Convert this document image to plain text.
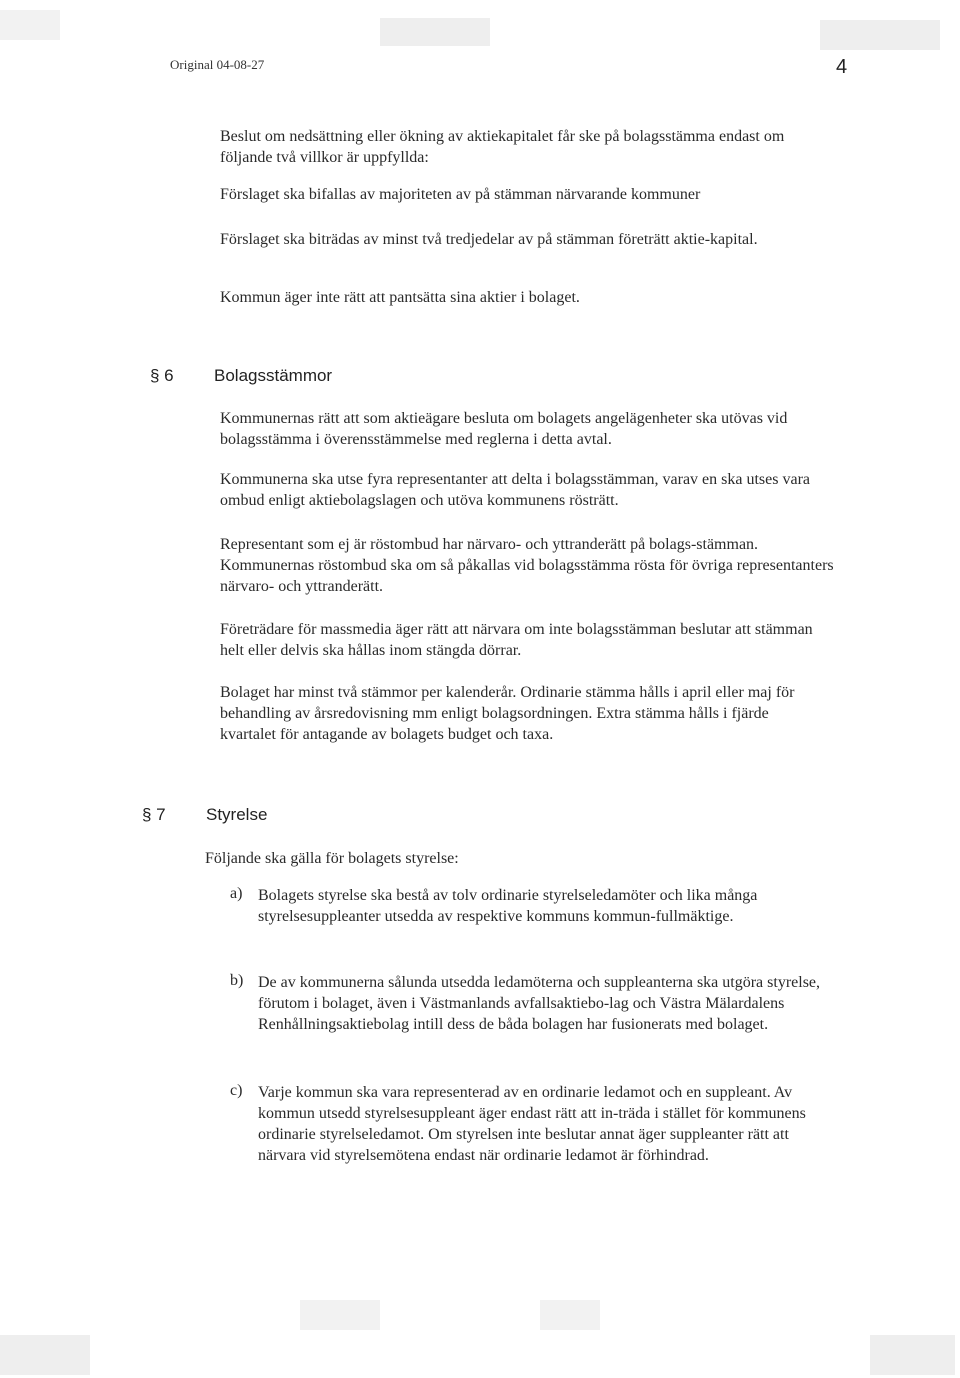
Original 04-08-27	4

Beslut om nedsättning eller ökning av aktiekapitalet får ske på bolagsstämma endast om följande två villkor är uppfyllda:

Förslaget ska bifallas av majoriteten av på stämman närvarande kommuner

Förslaget ska biträdas av minst två tredjedelar av på stämman företrätt aktie-kapital.

Kommun äger inte rätt att pantsätta sina aktier i bolaget.

§ 6	Bolagsstämmor

Kommunernas rätt att som aktieägare besluta om bolagets angelägenheter ska utövas vid bolagsstämma i överensstämmelse med reglerna i detta avtal.

Kommunerna ska utse fyra representanter att delta i bolagsstämman, varav en ska utses vara ombud enligt aktiebolagslagen och utöva kommunens rösträtt.

Representant som ej är röstombud har närvaro- och yttranderätt på bolags-stämman. Kommunernas röstombud ska om så påkallas vid bolagsstämma rösta för övriga representanters närvaro- och yttranderätt.

Företrädare för massmedia äger rätt att närvara om inte bolagsstämman beslutar att stämman helt eller delvis ska hållas inom stängda dörrar.

Bolaget har minst två stämmor per kalenderår. Ordinarie stämma hålls i april eller maj för behandling av årsredovisning mm enligt bolagsordningen. Extra stämma hålls i fjärde kvartalet för antagande av bolagets budget och taxa.

§ 7	Styrelse

Följande ska gälla för bolagets styrelse:

a) Bolagets styrelse ska bestå av tolv ordinarie styrelseledamöter och lika många styrelsesuppleanter utsedda av respektive kommuns kommun-fullmäktige.

b) De av kommunerna sålunda utsedda ledamöterna och suppleanterna ska utgöra styrelse, förutom i bolaget, även i Västmanlands avfallsaktiebo-lag och Västra Mälardalens Renhållningsaktiebolag intill dess de båda bolagen har fusionerats med bolaget.

c) Varje kommun ska vara representerad av en ordinarie ledamot och en suppleant. Av kommun utsedd styrelsesuppleant äger endast rätt att in-träda i stället för kommunens ordinarie styrelseledamot. Om styrelsen inte beslutar annat äger suppleanter rätt att närvara vid styrelsemötena endast när ordinarie ledamot är förhindrad.
